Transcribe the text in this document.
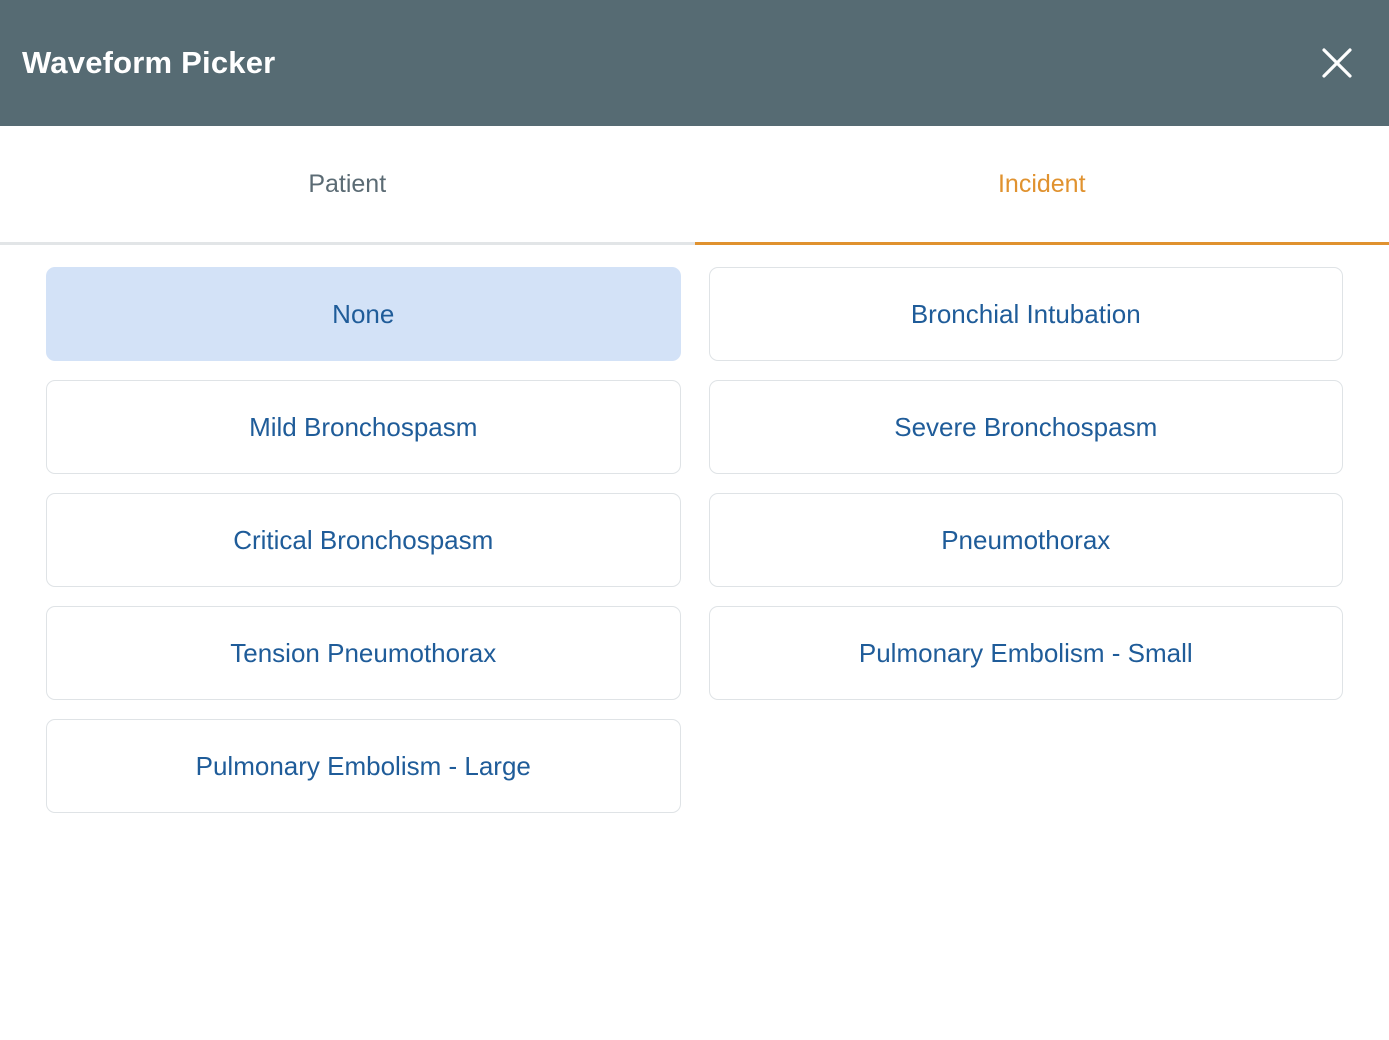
Waveform Picker
Patient	Incident
None
Mild Bronchospasm
Critical Bronchospasm
Tension Pneumothorax
Pulmonary Embolism - Large
Bronchial Intubation
Severe Bronchospasm
Pneumothorax
Pulmonary Embolism - Small
